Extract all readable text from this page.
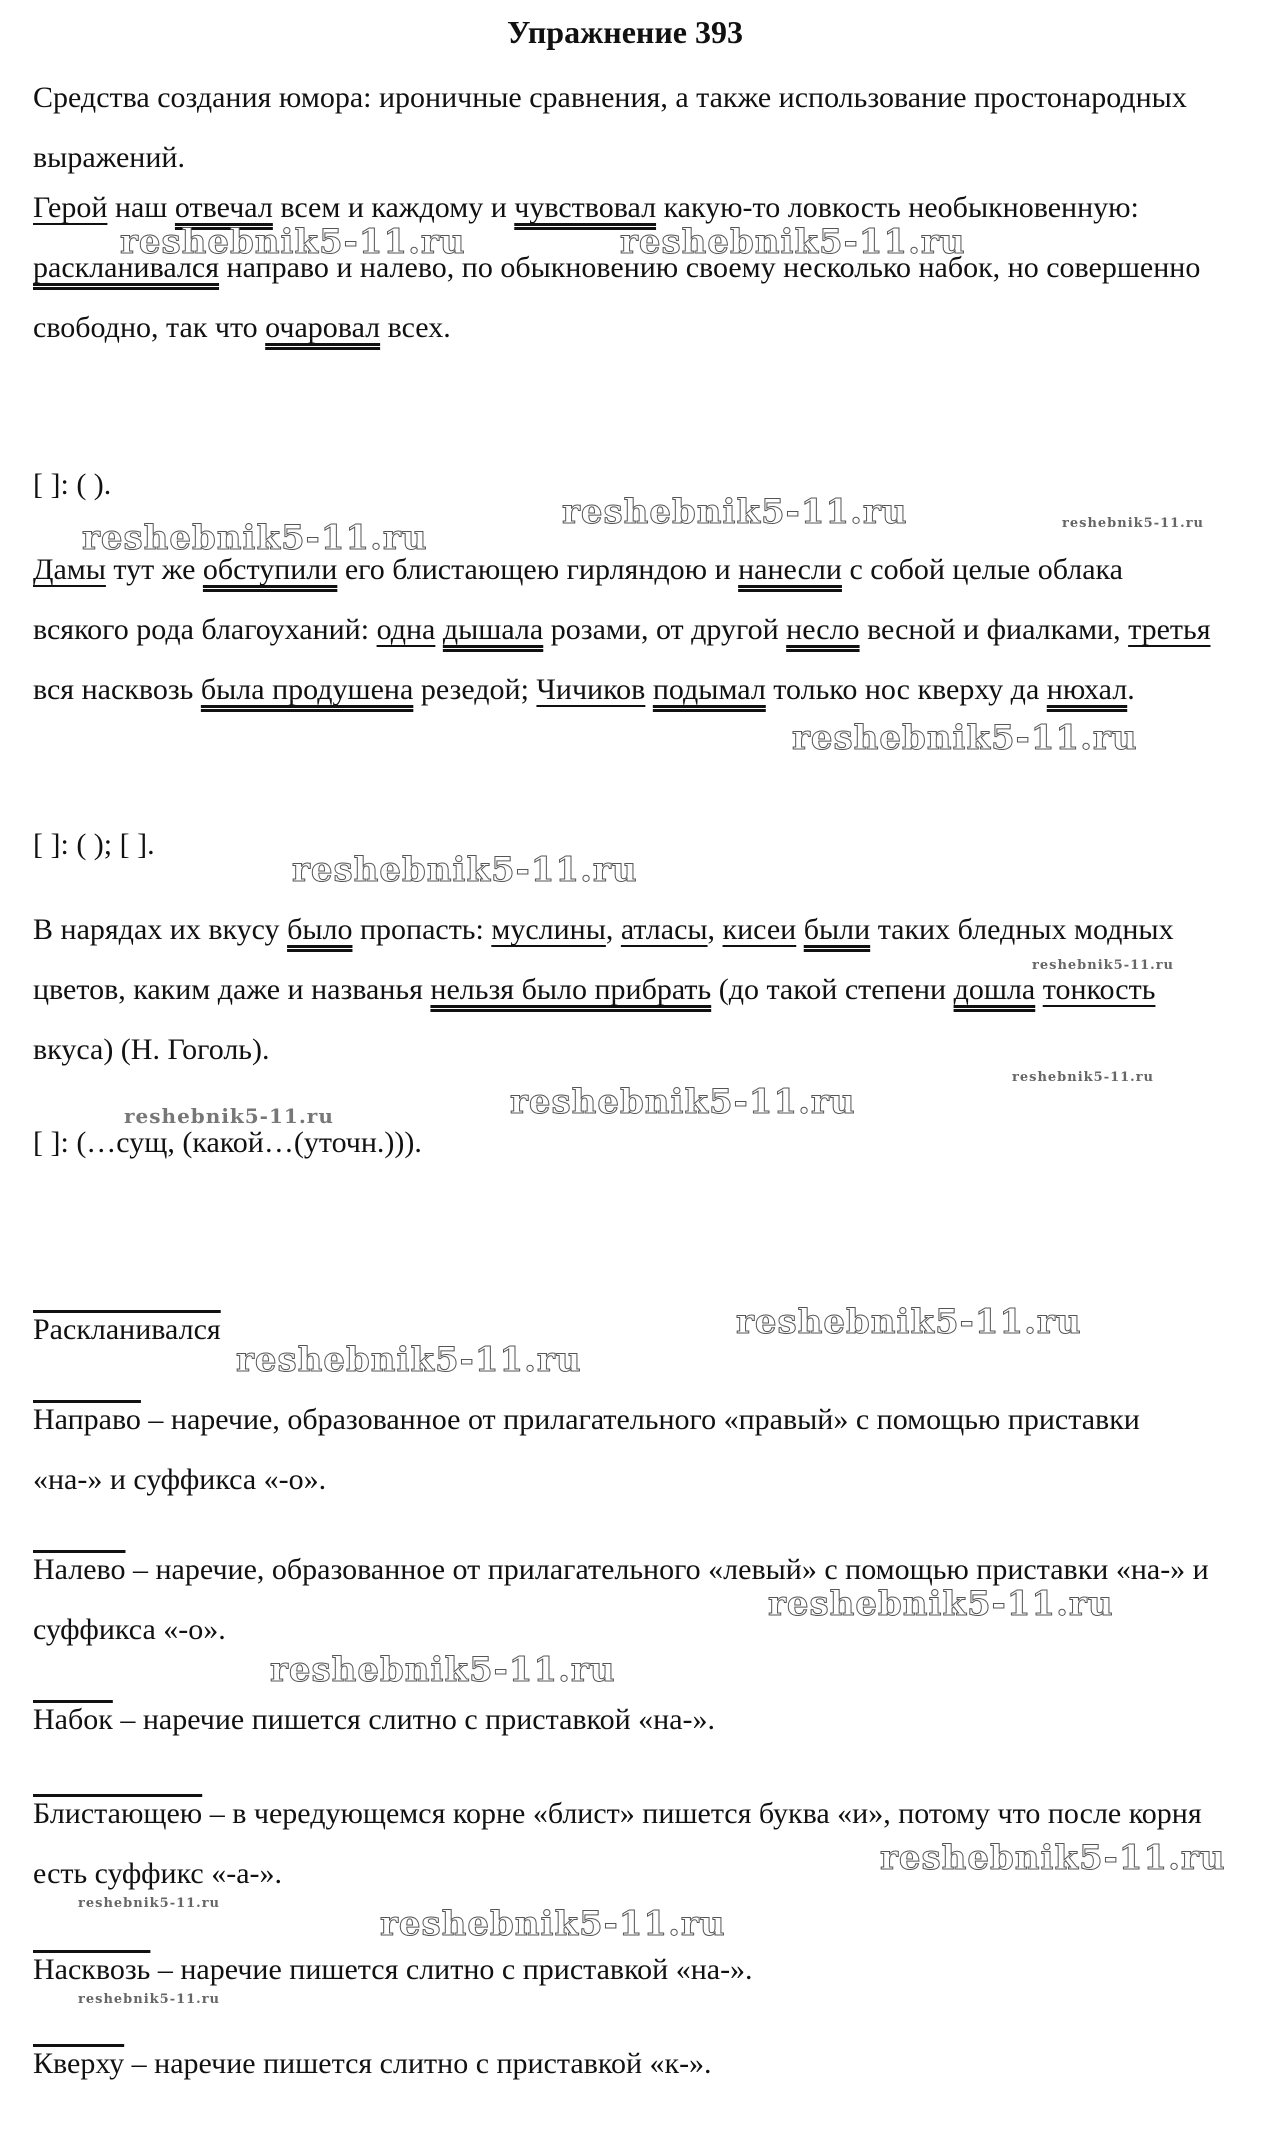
Упражнение 393

Средства создания юмора: ироничные сравнения, а также использование простонародных выражений.

Герой наш отвечал всем и каждому и чувствовал какую-то ловкость необыкновенную: раскланивался направо и налево, по обыкновению своему несколько набок, но совершенно свободно, так что очаровал всех.

[ ]: ( ).

Дамы тут же обступили его блистающею гирляндою и нанесли с собой целые облака всякого рода благоуханий: одна дышала розами, от другой несло весной и фиалками, третья вся насквозь была продушена резедой; Чичиков подымал только нос кверху да нюхал.

[ ]: ( ); [ ].

В нарядах их вкусу было пропасть: муслины, атласы, кисеи были таких бледных модных цветов, каким даже и названья нельзя было прибрать (до такой степени дошла тонкость вкуса) (Н. Гоголь).

[ ]: (…сущ, (какой…(уточн.))).

Раскланивался

Направо – наречие, образованное от прилагательного «правый» с помощью приставки «на-» и суффикса «-о».

Налево – наречие, образованное от прилагательного «левый» с помощью приставки «на-» и суффикса «-о».

Набок – наречие пишется слитно с приставкой «на-».

Блистающею – в чередующемся корне «блист» пишется буква «и», потому что после корня есть суффикс «-а-».

Насквозь – наречие пишется слитно с приставкой «на-».

Кверху – наречие пишется слитно с приставкой «к-».

reshebnik5-11.ru	reshebnik5-11.ru
reshebnik5-11.ru
reshebnik5-11.ru	reshebnik5-11.ru
reshebnik5-11.ru
reshebnik5-11.ru
reshebnik5-11.ru
reshebnik5-11.ru
reshebnik5-11.ru
reshebnik5-11.ru
reshebnik5-11.ru
reshebnik5-11.ru
reshebnik5-11.ru
reshebnik5-11.ru
reshebnik5-11.ru
reshebnik5-11.ru
reshebnik5-11.ru
reshebnik5-11.ru
